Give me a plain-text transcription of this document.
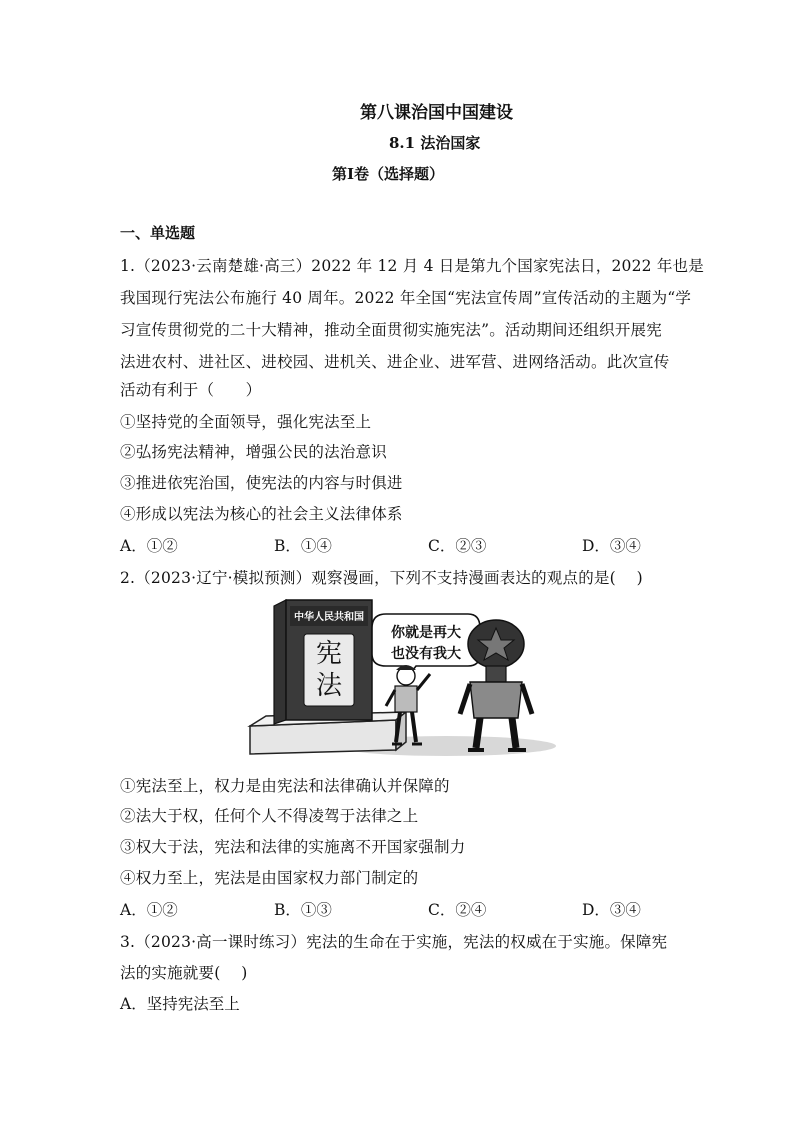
第八课治国中国建设
8.1 法治国家
第I卷（选择题）
一、单选题
1.（2023·云南楚雄·高三）2022 年 12 月 4 日是第九个国家宪法日，2022 年也是
我国现行宪法公布施行 40 周年。2022 年全国“宪法宣传周”宣传活动的主题为“学
习宣传贯彻党的二十大精神，推动全面贯彻实施宪法”。活动期间还组织开展宪
法进农村、进社区、进校园、进机关、进企业、进军营、进网络活动。此次宣传
活动有利于（　　）
①坚持党的全面领导，强化宪法至上
②弘扬宪法精神，增强公民的法治意识
③推进依宪治国，使宪法的内容与时俱进
④形成以宪法为核心的社会主义法律体系
A．①②	B．①④	C．②③	D．③④
2.（2023·辽宁·模拟预测）观察漫画，下列不支持漫画表达的观点的是(　 )
中华人民共和国
宪
法
你就是再大
也没有我大
①宪法至上，权力是由宪法和法律确认并保障的
②法大于权，任何个人不得凌驾于法律之上
③权大于法，宪法和法律的实施离不开国家强制力
④权力至上，宪法是由国家权力部门制定的
A．①②	B．①③	C．②④	D．③④
3.（2023·高一课时练习）宪法的生命在于实施，宪法的权威在于实施。保障宪
法的实施就要(　 )
A．坚持宪法至上
